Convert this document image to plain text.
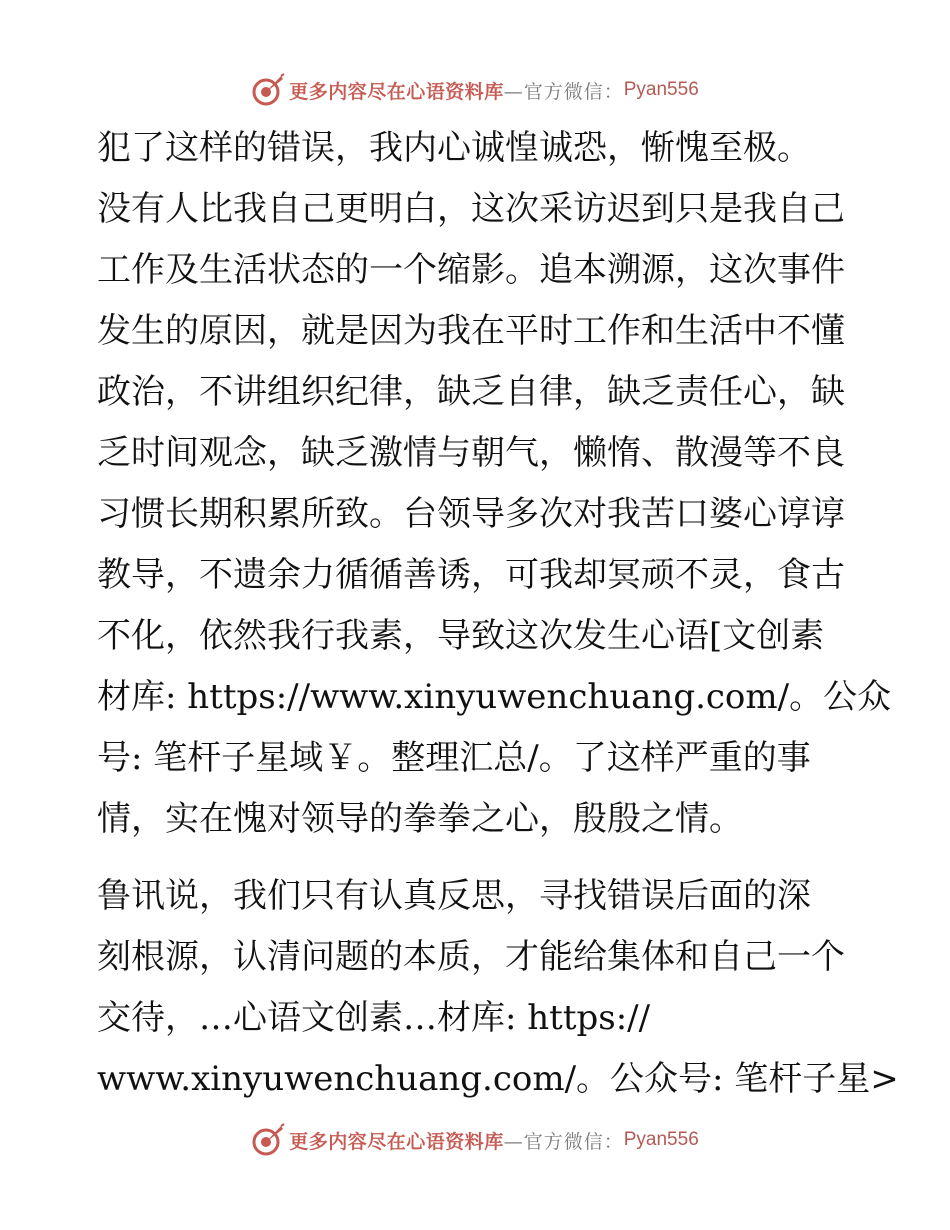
更多内容尽在心语资料库 —官方微信： Pyan556

犯了这样的错误，我内心诚惶诚恐，惭愧至极。
没有人比我自己更明白，这次采访迟到只是我自己
工作及生活状态的一个缩影。追本溯源，这次事件
发生的原因，就是因为我在平时工作和生活中不懂
政治，不讲组织纪律，缺乏自律，缺乏责任心，缺
乏时间观念，缺乏激情与朝气，懒惰、散漫等不良
习惯长期积累所致。台领导多次对我苦口婆心谆谆
教导，不遗余力循循善诱，可我却冥顽不灵，食古
不化，依然我行我素，导致这次发生心语[文创素
材库: https://www.xinyuwenchuang.com/。公众
号: 笔杆子星域￥。整理汇总/。了这样严重的事
情，实在愧对领导的拳拳之心，殷殷之情。

鲁讯说，我们只有认真反思，寻找错误后面的深
刻根源，认清问题的本质，才能给集体和自己一个
交待，…心语文创素…材库: https://
www.xinyuwenchuang.com/。公众号: 笔杆子星>

更多内容尽在心语资料库 —官方微信： Pyan556
